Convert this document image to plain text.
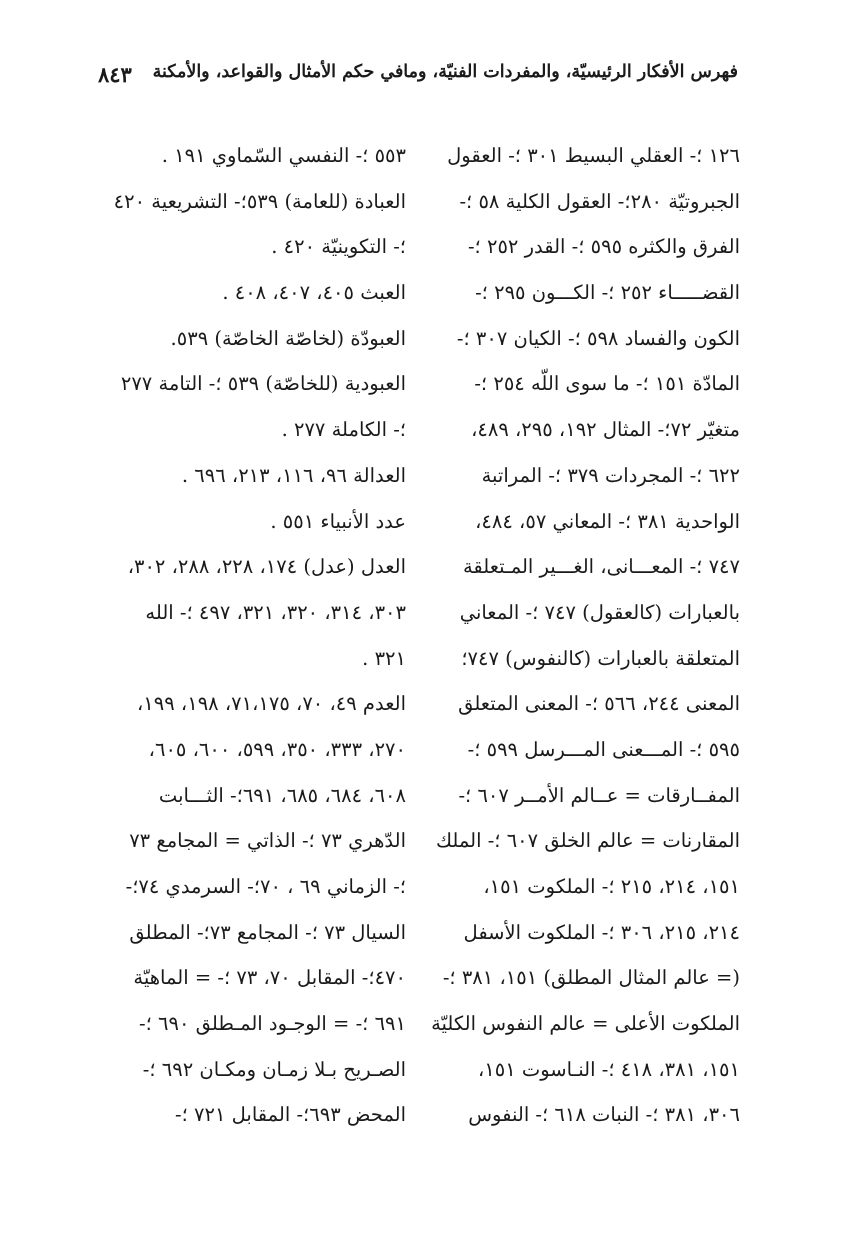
٨٤٣ فهرس الأفكار الرئيسيّة، والمفردات الفنيّة، ومافي حكم الأمثال والقواعد، والأمكنة
١٢٦ ؛- العقلي البسيط ٣٠١ ؛- العقول
الجبروتيّة ٢٨٠؛- العقول الكلية ٥٨ ؛-
الفرق والكثره ٥٩٥ ؛- القدر ٢٥٢ ؛-
القضـــــاء ٢٥٢ ؛- الكـــون ٢٩٥ ؛-
الكون والفساد ٥٩٨ ؛- الكيان ٣٠٧ ؛-
المادّة ١٥١ ؛- ما سوى اللّه ٢٥٤ ؛-
متغيّر ٧٢؛- المثال ١٩٢، ٢٩٥، ٤٨٩،
٦٢٢ ؛- المجردات ٣٧٩ ؛- المراتبة
الواحدية ٣٨١ ؛- المعاني ٥٧، ٤٨٤،
٧٤٧ ؛- المعـــانى، الغـــير المـتعلقة
بالعبارات (كالعقول) ٧٤٧ ؛- المعاني
المتعلقة بالعبارات (كالنفوس) ٧٤٧؛
المعنى ٢٤٤، ٥٦٦ ؛- المعنى المتعلق
٥٩٥ ؛- المـــعنى المـــرسل ٥٩٩ ؛-
المفــارقات = عــالم الأمــر ٦٠٧ ؛-
المقارنات = عالم الخلق ٦٠٧ ؛- الملك
١٥١، ٢١٤، ٢١٥ ؛- الملكوت ١٥١،
٢١٤، ٢١٥، ٣٠٦ ؛- الملكوت الأسفل
(= عالم المثال المطلق) ١٥١، ٣٨١ ؛-
الملكوت الأعلى = عالم النفوس الكليّة
١٥١، ٣٨١، ٤١٨ ؛- النـاسوت ١٥١،
٣٠٦، ٣٨١ ؛- النبات ٦١٨ ؛- النفوس
٥٥٣ ؛- النفسي السّماوي ١٩١ .
العبادة (للعامة) ٥٣٩؛- التشريعية ٤٢٠
؛- التكوينيّة ٤٢٠ .
العبث ٤٠٥، ٤٠٧، ٤٠٨ .
العبودّة (لخاصّة الخاصّة) ٥٣٩.
العبودية (للخاصّة) ٥٣٩ ؛- التامة ٢٧٧
؛- الكاملة ٢٧٧ .
العدالة ٩٦، ١١٦، ٢١٣، ٦٩٦ .
عدد الأنبياء ٥٥١ .
العدل (عدل) ١٧٤، ٢٢٨، ٢٨٨، ٣٠٢،
٣٠٣، ٣١٤، ٣٢٠، ٣٢١، ٤٩٧ ؛- الله
٣٢١ .
العدم ٤٩، ٧٠، ٧١،١٧٥، ١٩٨، ١٩٩،
٢٧٠، ٣٣٣، ٣٥٠، ٥٩٩، ٦٠٠، ٦٠٥،
٦٠٨، ٦٨٤، ٦٨٥، ٦٩١؛- الثـــابت
الدّهري ٧٣ ؛- الذاتي = المجامع ٧٣
؛- الزماني ٦٩ ، ٧٠؛- السرمدي ٧٤؛-
السيال ٧٣ ؛- المجامع ٧٣؛- المطلق
٤٧٠؛- المقابل ٧٠، ٧٣ ؛- = الماهيّة
٦٩١ ؛- = الوجـود المـطلق ٦٩٠ ؛-
الصـريح بـلا زمـان ومكـان ٦٩٢ ؛-
المحض ٦٩٣؛- المقابل ٧٢١ ؛-
